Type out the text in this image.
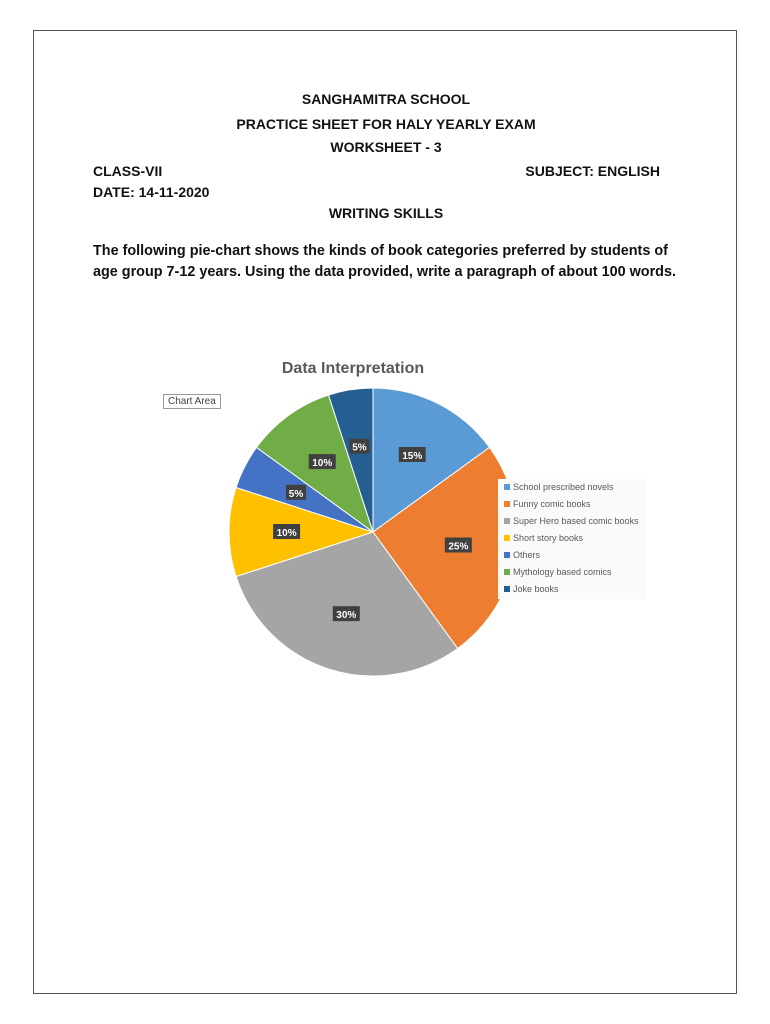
SANGHAMITRA SCHOOL
PRACTICE SHEET FOR HALY YEARLY EXAM
WORKSHEET - 3
CLASS-VII	SUBJECT: ENGLISH
DATE: 14-11-2020
WRITING SKILLS
The following pie-chart shows the kinds of book categories preferred by students of age group 7-12 years. Using the data provided, write a paragraph of about 100 words.
Data Interpretation
15%
25%
30%
10%
5%
10%
5%
School prescribed novels
Funny comic books
Super Hero based comic books
Short story books
Others
Mythology based comics
Joke books
Chart Area
